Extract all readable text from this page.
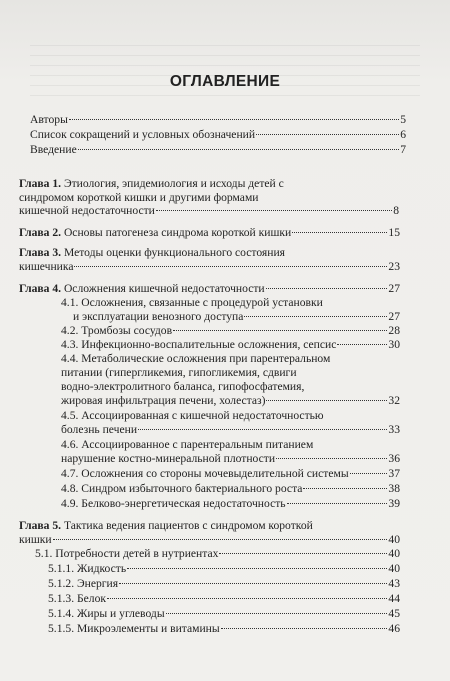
ОГЛАВЛЕНИЕ
Авторы	5
Список сокращений и условных обозначений	6
Введение	7
Глава 1. Этиология, эпидемиология и исходы детей с
синдромом короткой кишки и другими формами
кишечной недостаточности	8
Глава 2. Основы патогенеза синдрома короткой кишки	15
Глава 3. Методы оценки функционального состояния
кишечника	23
Глава 4. Осложнения кишечной недостаточности	27
4.1. Осложнения, связанные с процедурой установки
и эксплуатации венозного доступа	27
4.2. Тромбозы сосудов	28
4.3. Инфекционно-воспалительные осложнения, сепсис	30
4.4. Метаболические осложнения при парентеральном
питании (гипергликемия, гипогликемия, сдвиги
водно-электролитного баланса, гипофосфатемия,
жировая инфильтрация печени, холестаз)	32
4.5. Ассоциированная с кишечной недостаточностью
болезнь печени	33
4.6. Ассоциированное с парентеральным питанием
нарушение костно-минеральной плотности	36
4.7. Осложнения со стороны мочевыделительной системы	37
4.8. Синдром избыточного бактериального роста	38
4.9. Белково-энергетическая недостаточность	39
Глава 5. Тактика ведения пациентов с синдромом короткой
кишки	40
5.1. Потребности детей в нутриентах	40
5.1.1. Жидкость	40
5.1.2. Энергия	43
5.1.3. Белок	44
5.1.4. Жиры и углеводы	45
5.1.5. Микроэлементы и витамины	46
